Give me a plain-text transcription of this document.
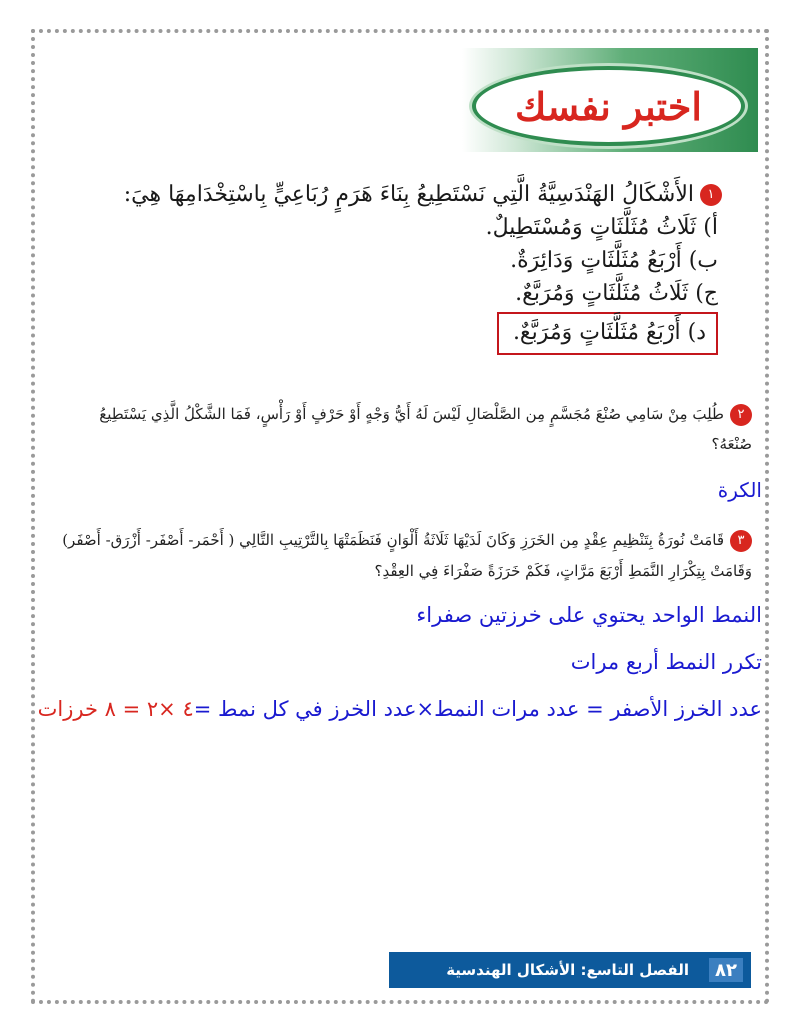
اختبر نفسك
١الأَشْكَالُ الهَنْدَسِيَّةُ الَّتِي نَسْتَطِيعُ بِنَاءَ هَرَمٍ رُبَاعِيٍّ بِاسْتِخْدَامِهَا هِيَ:
أ) ثَلَاثُ مُثَلَّثَاتٍ وَمُسْتَطِيلٌ.
ب) أَرْبَعُ مُثَلَّثَاتٍ وَدَائِرَةٌ.
ج) ثَلَاثُ مُثَلَّثَاتٍ وَمُرَبَّعٌ.
د) أَرْبَعُ مُثَلَّثَاتٍ وَمُرَبَّعٌ.
٢طُلِبَ مِنْ سَامِي صُنْعَ مُجَسَّمٍ مِن الصَّلْصَالِ لَيْسَ لَهُ أَيُّ وَجْهٍ أَوْ حَرْفٍ أَوْ رَأْسٍ، فَمَا الشَّكْلُ الَّذِي يَسْتَطِيعُ صُنْعَهُ؟
الكرة
٣قَامَتْ نُورَةُ بِتَنْظِيمِ عِقْدٍ مِن الخَرَزِ وَكَانَ لَدَيْهَا ثَلَاثَةُ أَلْوَانٍ فَنَظَمَتْهَا بِالتَّرْتِيبِ التَّالِي ( أَحْمَر- أَصْفَر- أَزْرَق- أَصْفَر) وَقَامَتْ بِتِكْرَارِ النَّمَطِ أَرْبَعَ مَرَّاتٍ، فَكَمْ خَرَزَةً صَفْرَاءَ فِي العِقْدِ؟
النمط الواحد يحتوي على خرزتين صفراء
تكرر النمط أربع مرات
عدد الخرز الأصفر = عدد مرات النمط×عدد الخرز في كل نمط =٤ ×٢ = ٨ خرزات
٨٢
الفصل التاسع: الأشكال الهندسية
